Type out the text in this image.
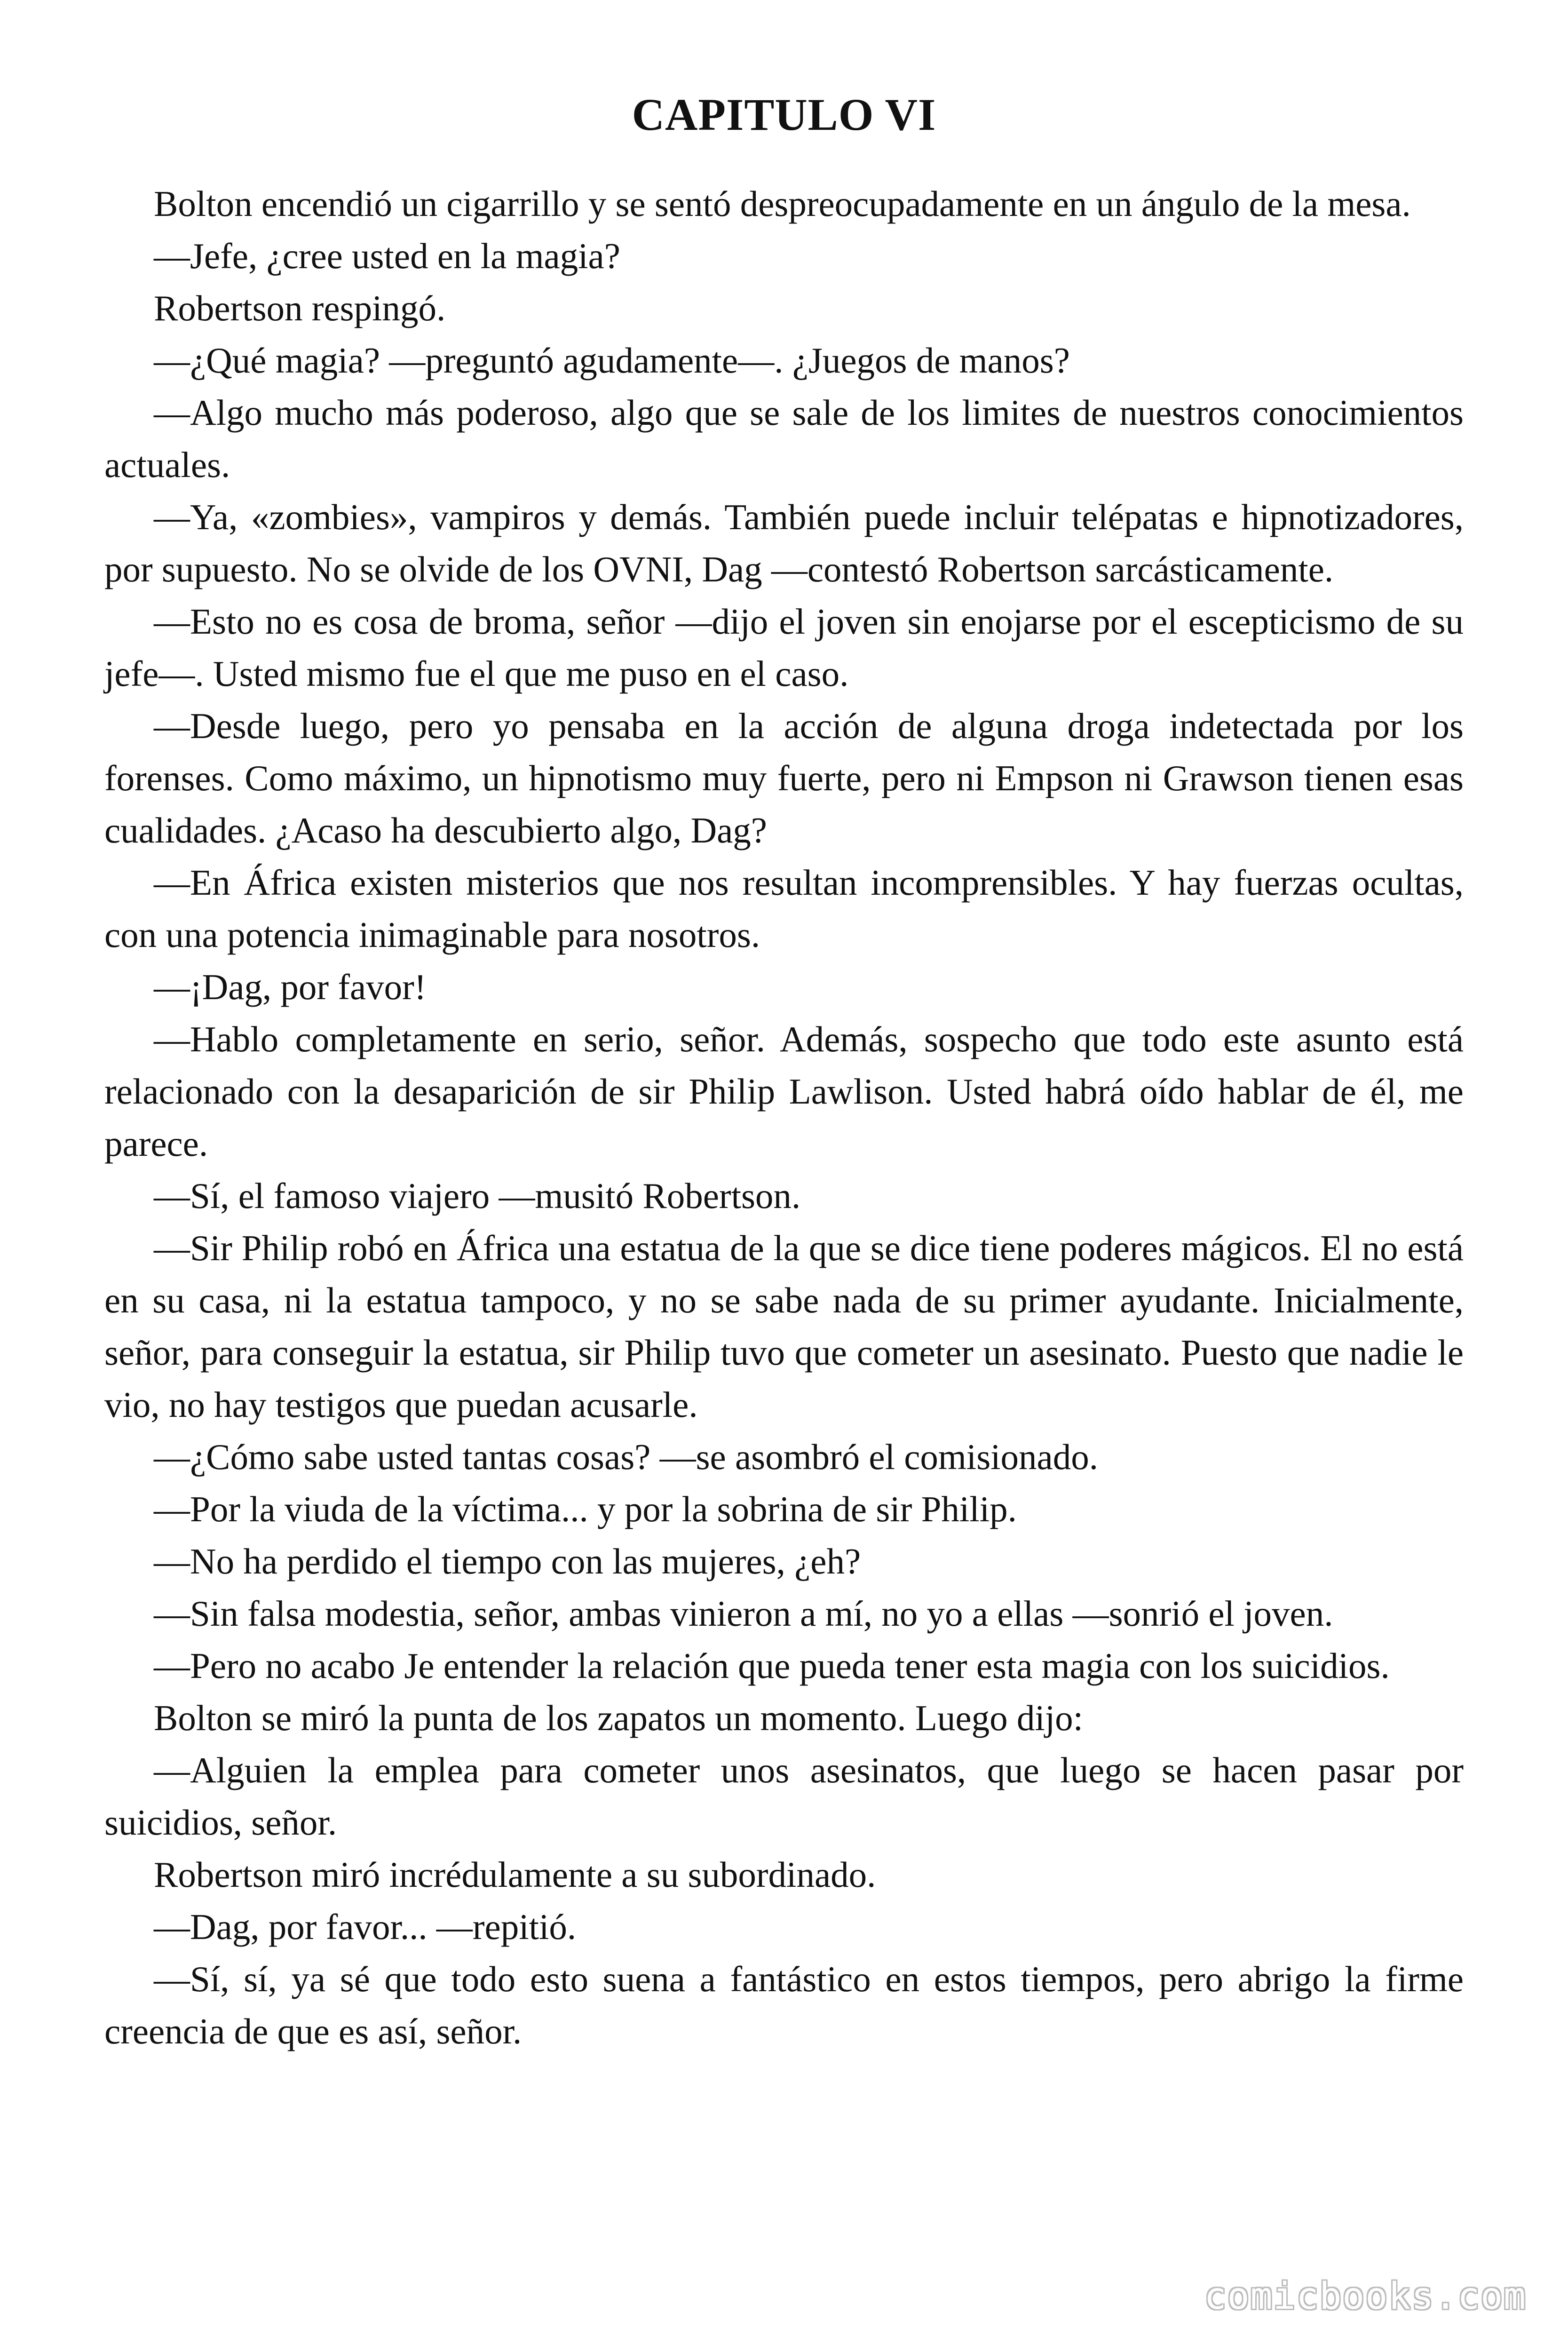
CAPITULO VI

Bolton encendió un cigarrillo y se sentó despreocupadamente en un ángulo de la mesa.

—Jefe, ¿cree usted en la magia?

Robertson respingó.

—¿Qué magia? —preguntó agudamente—. ¿Juegos de manos?

—Algo mucho más poderoso, algo que se sale de los limites de nuestros conocimientos actuales.

—Ya, «zombies», vampiros y demás. También puede incluir telépatas e hipnotizadores, por supuesto. No se olvide de los OVNI, Dag —contestó Robertson sarcásticamente.

—Esto no es cosa de broma, señor —dijo el joven sin enojarse por el escepticismo de su jefe—. Usted mismo fue el que me puso en el caso.

—Desde luego, pero yo pensaba en la acción de alguna droga indetectada por los forenses. Como máximo, un hipnotismo muy fuerte, pero ni Empson ni Grawson tienen esas cualidades. ¿Acaso ha descubierto algo, Dag?

—En África existen misterios que nos resultan incomprensibles. Y hay fuerzas ocultas, con una potencia inimaginable para nosotros.

—¡Dag, por favor!

—Hablo completamente en serio, señor. Además, sospecho que todo este asunto está relacionado con la desaparición de sir Philip Lawlison. Usted habrá oído hablar de él, me parece.

—Sí, el famoso viajero —musitó Robertson.

—Sir Philip robó en África una estatua de la que se dice tiene poderes mágicos. El no está en su casa, ni la estatua tampoco, y no se sabe nada de su primer ayudante. Inicialmente, señor, para conseguir la estatua, sir Philip tuvo que cometer un asesinato. Puesto que nadie le vio, no hay testigos que puedan acusarle.

—¿Cómo sabe usted tantas cosas? —se asombró el comisionado.

—Por la viuda de la víctima... y por la sobrina de sir Philip.

—No ha perdido el tiempo con las mujeres, ¿eh?

—Sin falsa modestia, señor, ambas vinieron a mí, no yo a ellas —sonrió el joven.

—Pero no acabo Je entender la relación que pueda tener esta magia con los suicidios.

Bolton se miró la punta de los zapatos un momento. Luego dijo:

—Alguien la emplea para cometer unos asesinatos, que luego se hacen pasar por suicidios, señor.

Robertson miró incrédulamente a su subordinado.

—Dag, por favor... —repitió.

—Sí, sí, ya sé que todo esto suena a fantástico en estos tiempos, pero abrigo la firme creencia de que es así, señor.

comicbooks.com
